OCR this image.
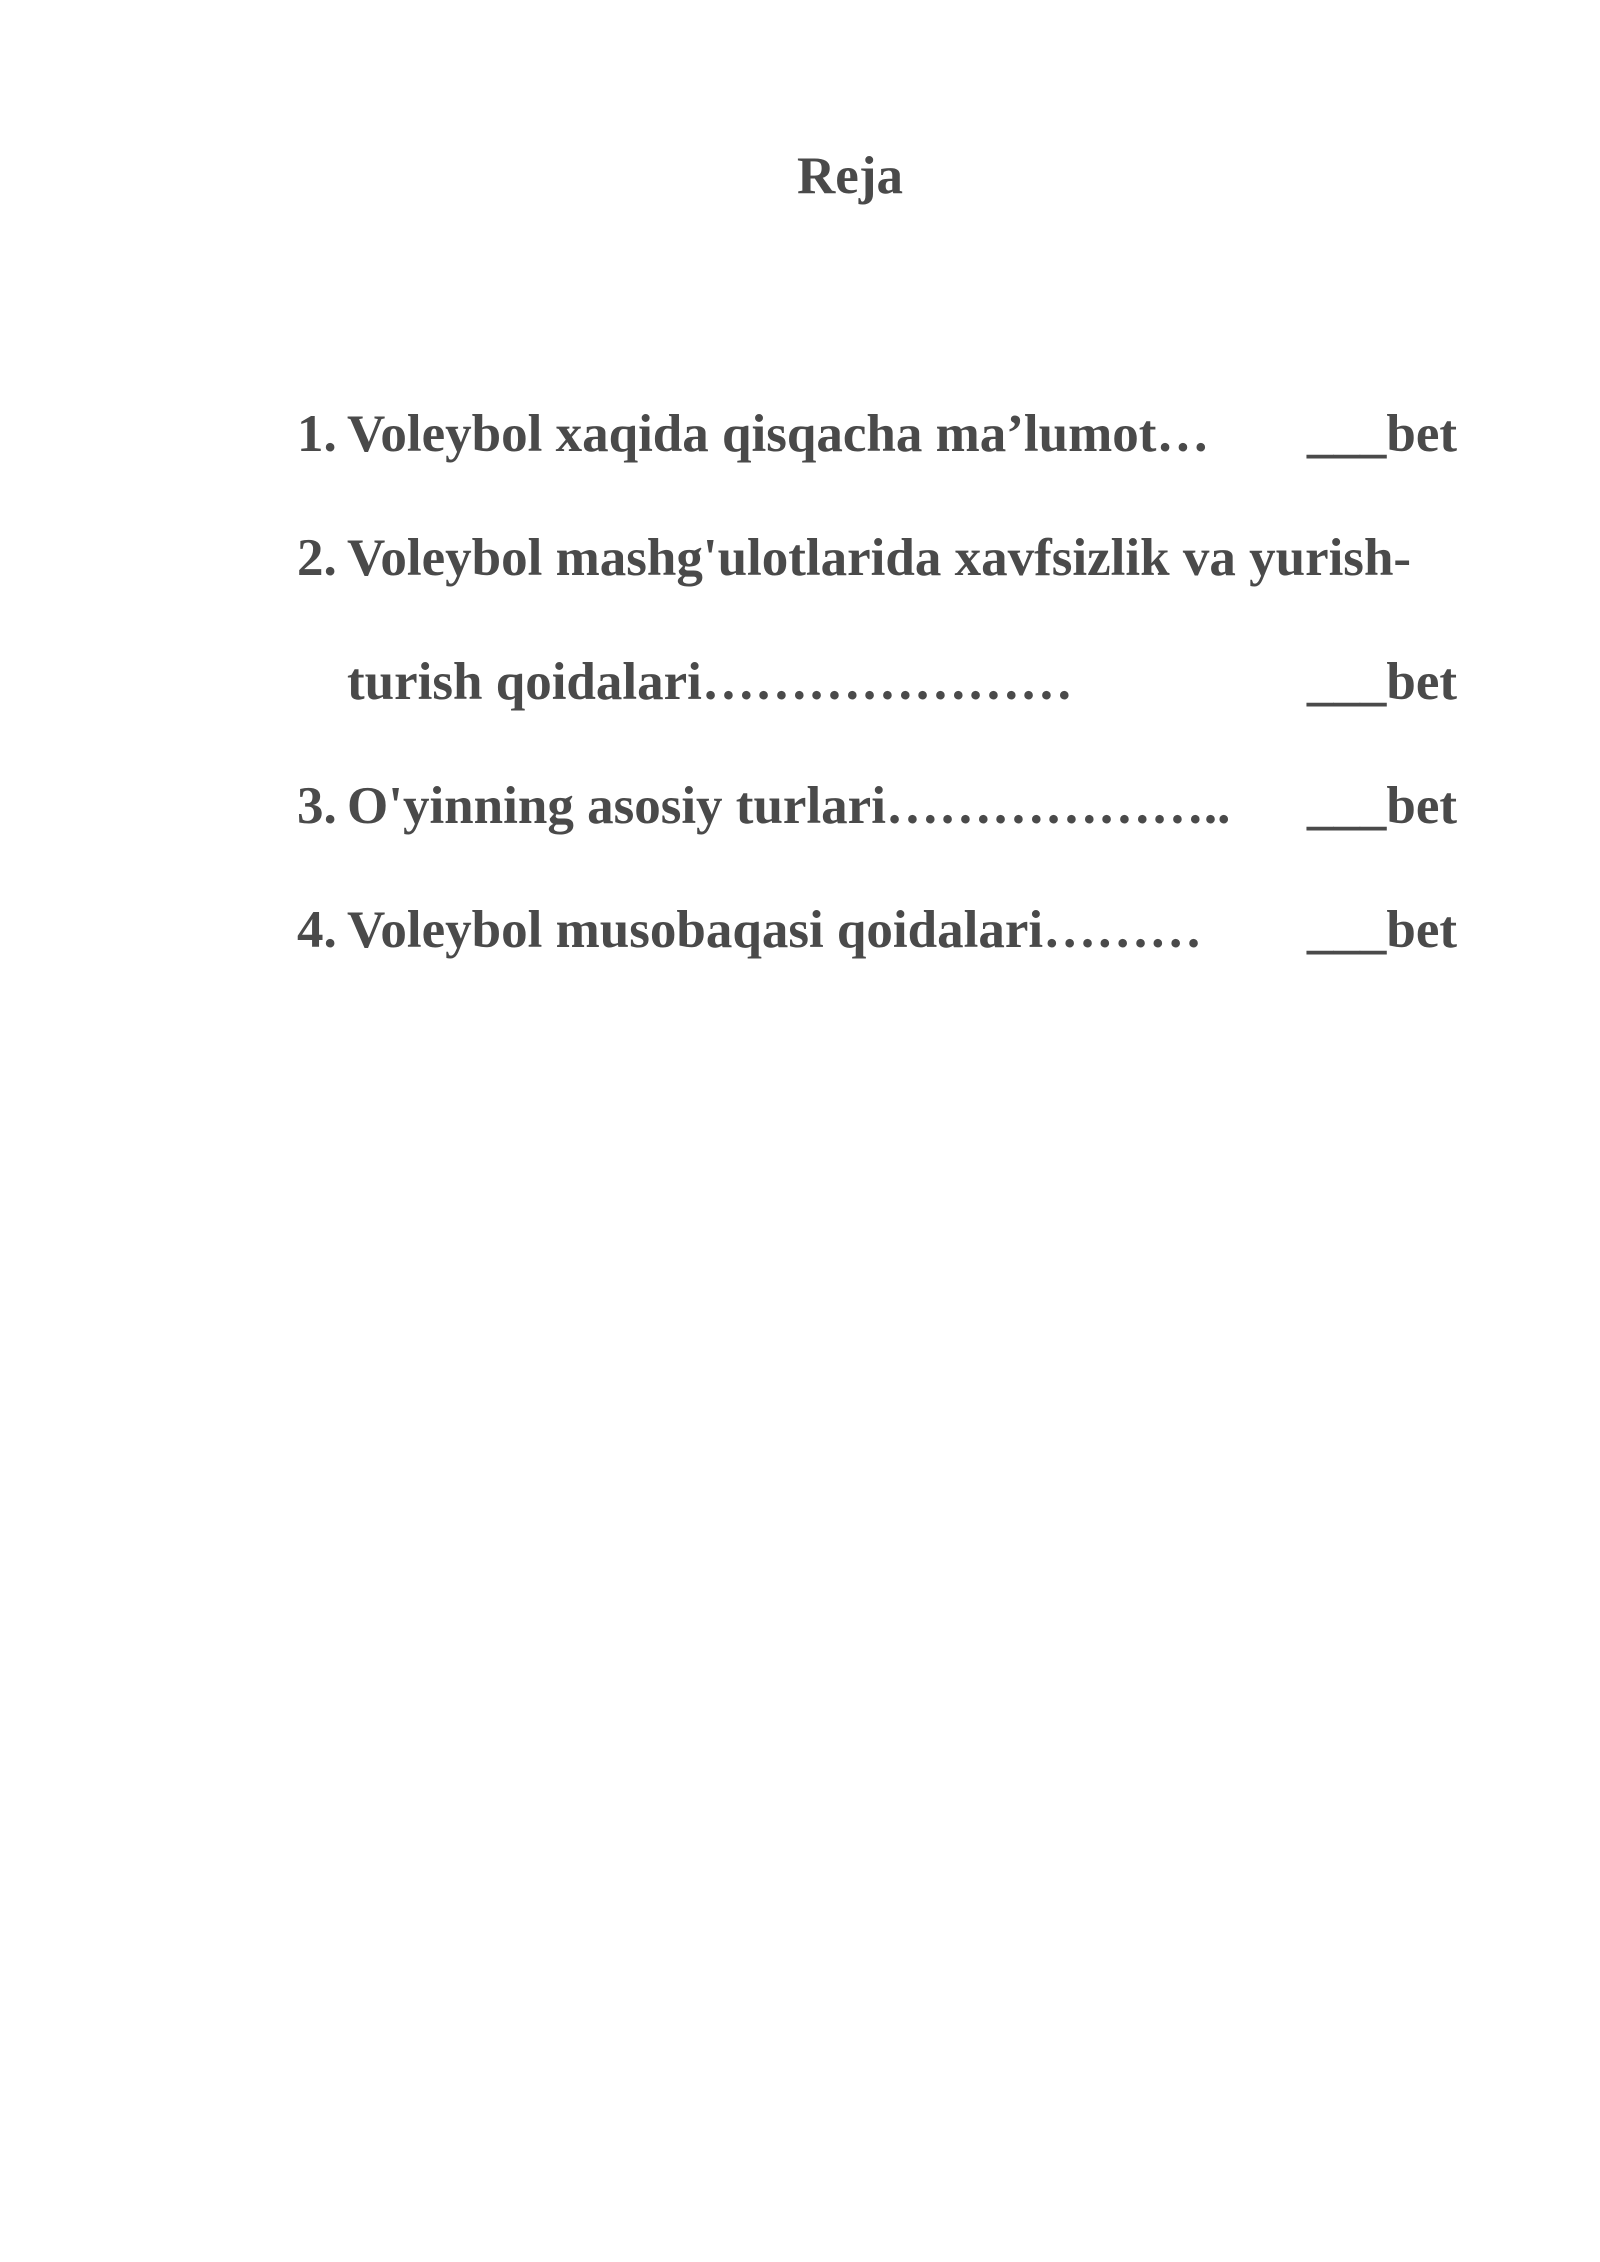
Reja
1. Voleybol xaqida qisqacha ma’lumot… ___bet
2. Voleybol mashg'ulotlarida xavfsizlik va yurish-
turish qoidalari…………………	___bet
3. O'yinning asosiy turlari……………….. ___bet
4. Voleybol musobaqasi qoidalari……… ___bet
